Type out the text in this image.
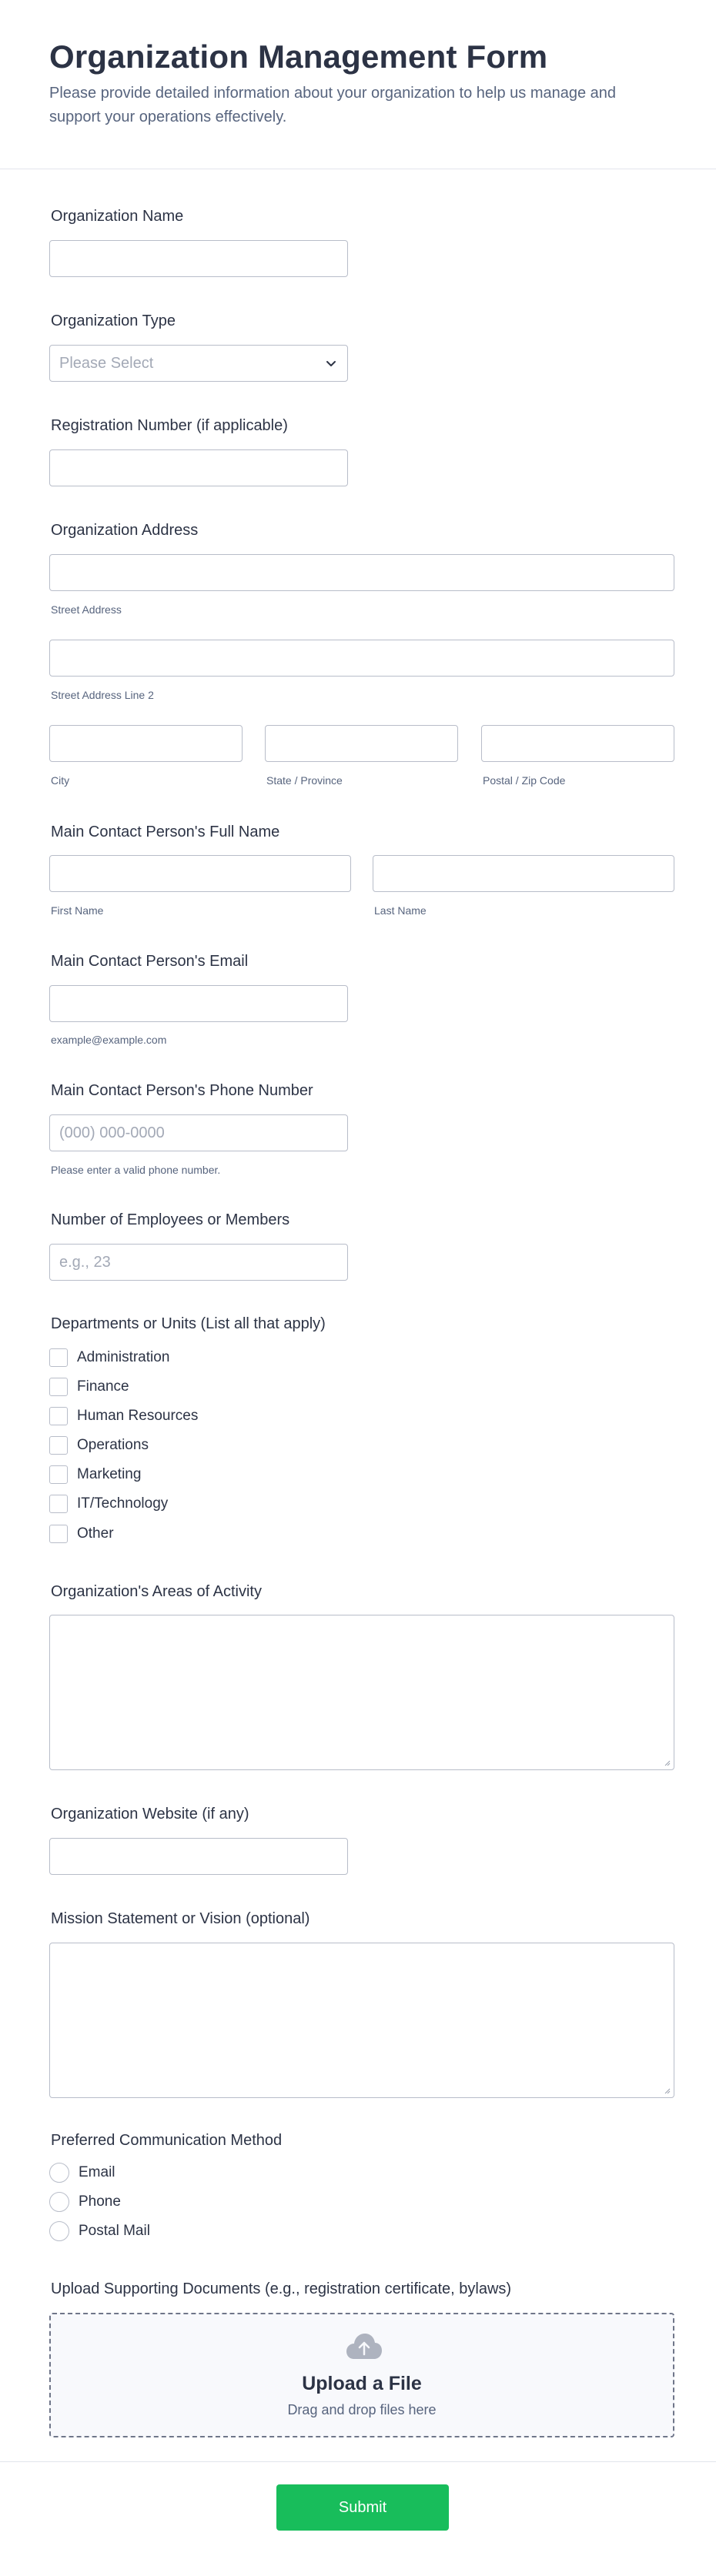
Organization Management Form

Please provide detailed information about your organization to help us manage and support your operations effectively.

Organization Name
Organization Type
Please Select
Registration Number (if applicable)
Organization Address
Street Address
Street Address Line 2
City	State / Province	Postal / Zip Code
Main Contact Person's Full Name
First Name	Last Name
Main Contact Person's Email
example@example.com
Main Contact Person's Phone Number
(000) 000-0000
Please enter a valid phone number.
Number of Employees or Members
e.g., 23
Departments or Units (List all that apply)
Administration
Finance
Human Resources
Operations
Marketing
IT/Technology
Other
Organization's Areas of Activity
Organization Website (if any)
Mission Statement or Vision (optional)
Preferred Communication Method
Email
Phone
Postal Mail
Upload Supporting Documents (e.g., registration certificate, bylaws)
Upload a File
Drag and drop files here
Submit
